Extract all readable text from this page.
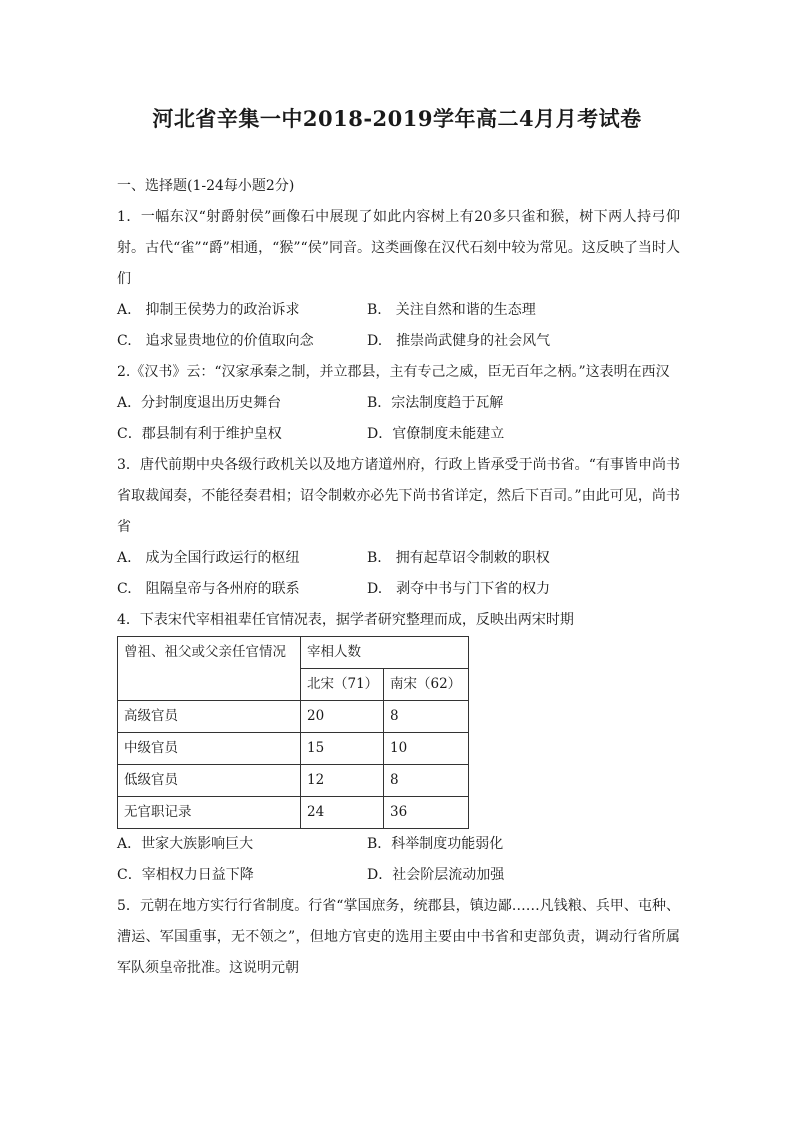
河北省辛集一中2018-2019学年高二4月月考试卷
一、选择题(1-24每小题2分)
1．一幅东汉“射爵射侯”画像石中展现了如此内容树上有20多只雀和猴，树下两人持弓仰射。古代“雀”“爵”相通，“猴”“侯”同音。这类画像在汉代石刻中较为常见。这反映了当时人们
A.　抑制王侯势力的政治诉求	B.　关注自然和谐的生态理
C.　追求显贵地位的价值取向念	D.　推崇尚武健身的社会风气
2.《汉书》云：“汉家承秦之制，并立郡县，主有专己之威，臣无百年之柄。”这表明在西汉
A．分封制度退出历史舞台	B．宗法制度趋于瓦解
C．郡县制有利于维护皇权	D．官僚制度未能建立
3．唐代前期中央各级行政机关以及地方诸道州府，行政上皆承受于尚书省。“有事皆申尚书省取裁闻奏，不能径奏君相；诏令制敕亦必先下尚书省详定，然后下百司。”由此可见，尚书省
A.　成为全国行政运行的枢纽	B.　拥有起草诏令制敕的职权
C.　阻隔皇帝与各州府的联系	D.　剥夺中书与门下省的权力
4．下表宋代宰相祖辈任官情况表，据学者研究整理而成，反映出两宋时期
曾祖、祖父或父亲任官情况	宰相人数	
	北宋（71）	南宋（62）
高级官员	20	8
中级官员	15	10
低级官员	12	8
无官职记录	24	36
A．世家大族影响巨大	B．科举制度功能弱化
C．宰相权力日益下降	D．社会阶层流动加强
5．元朝在地方实行行省制度。行省“掌国庶务，统郡县，镇边鄙……凡钱粮、兵甲、屯种、漕运、军国重事，无不领之”，但地方官吏的选用主要由中书省和吏部负责，调动行省所属军队须皇帝批准。这说明元朝
